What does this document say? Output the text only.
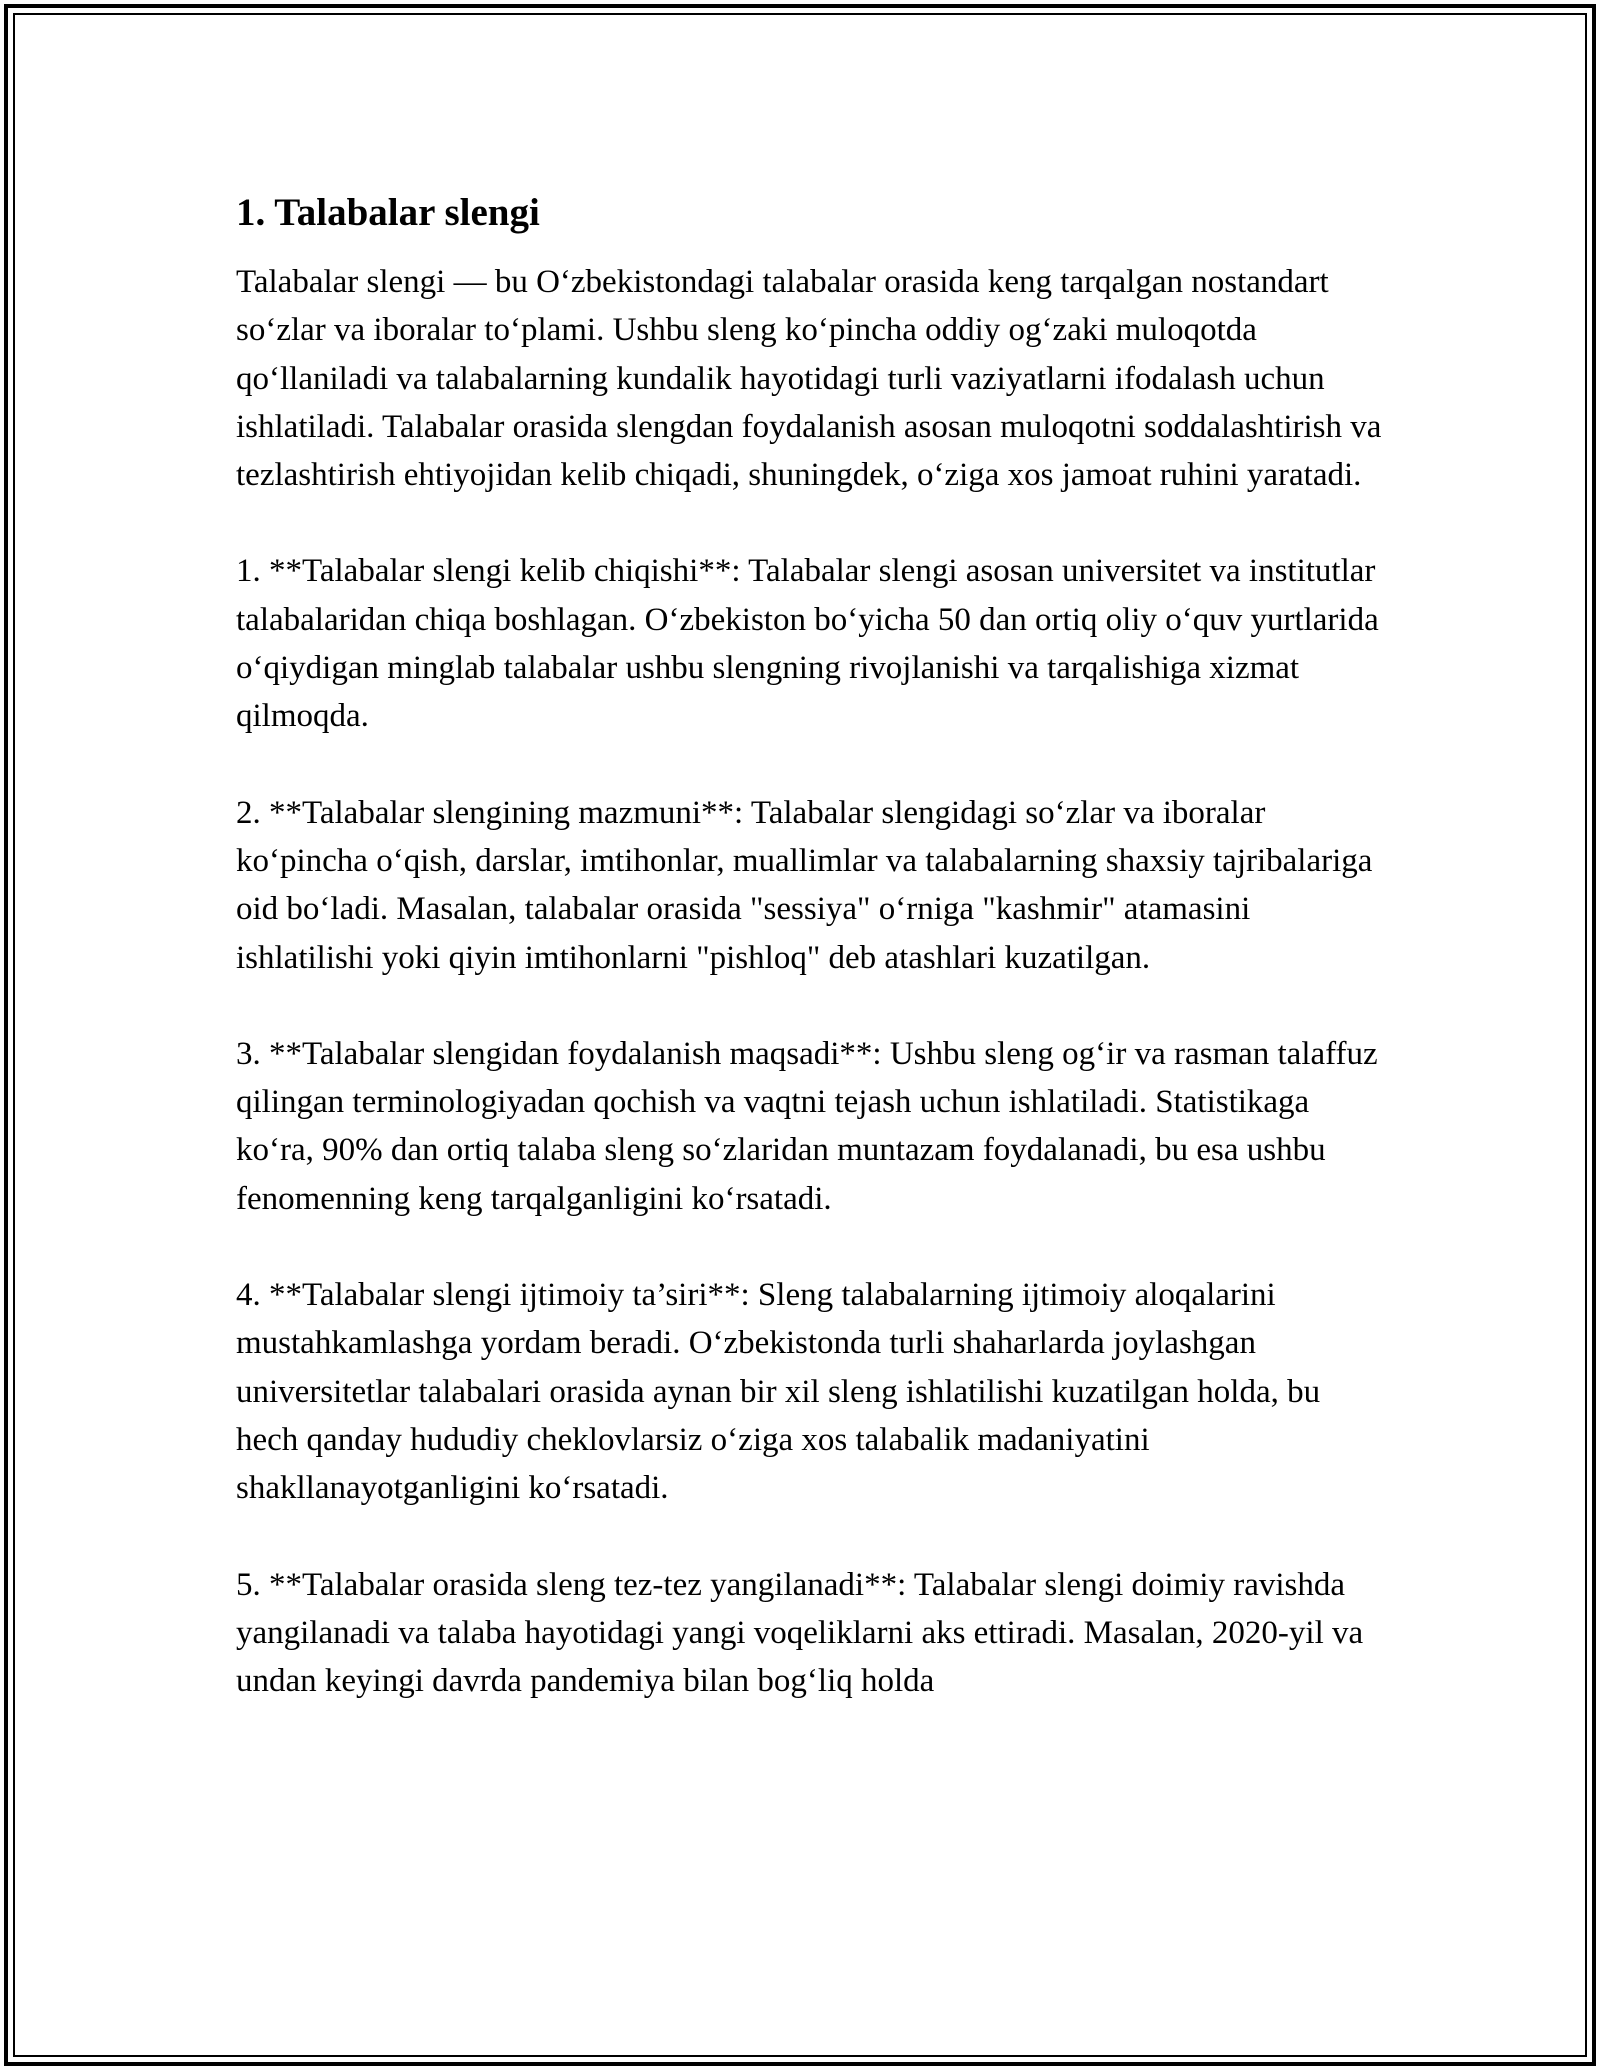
1. Talabalar slengi

Talabalar slengi — bu O‘zbekistondagi talabalar orasida keng tarqalgan nostandart so‘zlar va iboralar to‘plami. Ushbu sleng ko‘pincha oddiy og‘zaki muloqotda qo‘llaniladi va talabalarning kundalik hayotidagi turli vaziyatlarni ifodalash uchun ishlatiladi. Talabalar orasida slengdan foydalanish asosan muloqotni soddalashtirish va tezlashtirish ehtiyojidan kelib chiqadi, shuningdek, o‘ziga xos jamoat ruhini yaratadi.

1. **Talabalar slengi kelib chiqishi**: Talabalar slengi asosan universitet va institutlar talabalaridan chiqa boshlagan. O‘zbekiston bo‘yicha 50 dan ortiq oliy o‘quv yurtlarida o‘qiydigan minglab talabalar ushbu slengning rivojlanishi va tarqalishiga xizmat qilmoqda.

2. **Talabalar slengining mazmuni**: Talabalar slengidagi so‘zlar va iboralar ko‘pincha o‘qish, darslar, imtihonlar, muallimlar va talabalarning shaxsiy tajribalariga oid bo‘ladi. Masalan, talabalar orasida "sessiya" o‘rniga "kashmir" atamasini ishlatilishi yoki qiyin imtihonlarni "pishloq" deb atashlari kuzatilgan.

3. **Talabalar slengidan foydalanish maqsadi**: Ushbu sleng og‘ir va rasman talaffuz qilingan terminologiyadan qochish va vaqtni tejash uchun ishlatiladi. Statistikaga ko‘ra, 90% dan ortiq talaba sleng so‘zlaridan muntazam foydalanadi, bu esa ushbu fenomenning keng tarqalganligini ko‘rsatadi.

4. **Talabalar slengi ijtimoiy ta’siri**: Sleng talabalarning ijtimoiy aloqalarini mustahkamlashga yordam beradi. O‘zbekistonda turli shaharlarda joylashgan universitetlar talabalari orasida aynan bir xil sleng ishlatilishi kuzatilgan holda, bu hech qanday hududiy cheklovlarsiz o‘ziga xos talabalik madaniyatini shakllanayotganligini ko‘rsatadi.

5. **Talabalar orasida sleng tez-tez yangilanadi**: Talabalar slengi doimiy ravishda yangilanadi va talaba hayotidagi yangi voqeliklarni aks ettiradi. Masalan, 2020-yil va undan keyingi davrda pandemiya bilan bog‘liq holda
